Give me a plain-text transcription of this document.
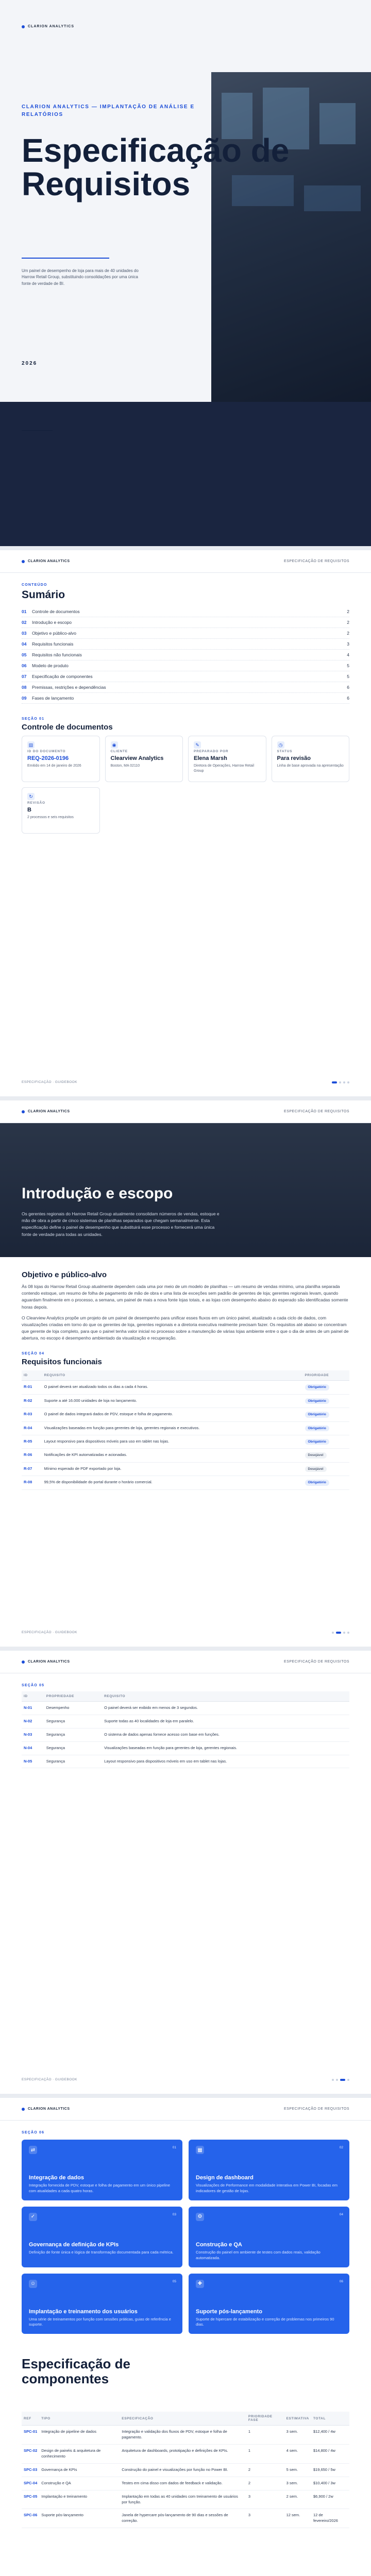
CLARION ANALYTICS
CLARION ANALYTICS — IMPLANTAÇÃO DE ANÁLISE E RELATÓRIOS
Especificação de Requisitos
Um painel de desempenho de loja para mais de 40 unidades do Harrow Retail Group, substituindo consolidações por uma única fonte de verdade de BI.
2026
CLARION ANALYTICS	ESPECIFICAÇÃO DE REQUISITOS
CONTEÚDO
Sumário
01 Controle de documentos	2
02 Introdução e escopo	2
03 Objetivo e público-alvo	2
04 Requisitos funcionais	3
05 Requisitos não funcionais	4
06 Modelo de produto	5
07 Especificação de componentes	5
08 Premissas, restrições e dependências	6
09 Fases de lançamento	6
SEÇÃO 01
Controle de documentos
▤
ID DO DOCUMENTO
REQ-2026-0196
Emitido em 14 de janeiro de 2026
◉
CLIENTE
Clearview Analytics
Boston, MA 02110
✎
PREPARADO POR
Elena Marsh
Diretora de Operações, Harrow Retail Group
◷
STATUS
Para revisão
Linha de base aprovada na apresentação
↻
REVISÃO
B
2 processos e seis requisitos
ESPECIFICAÇÃO · GUIDEBOOK
CLARION ANALYTICS	ESPECIFICAÇÃO DE REQUISITOS
Introdução e escopo
Os gerentes regionais do Harrow Retail Group atualmente consolidam números de vendas, estoque e mão de obra a partir de cinco sistemas de planilhas separados que chegam semanalmente. Esta especificação define o painel de desempenho que substituirá esse processo e fornecerá uma única fonte de verdade para todas as unidades.
Objetivo e público-alvo

Às 08 lojas do Harrow Retail Group atualmente dependem cada uma por meio de um modelo de planilhas — um resumo de vendas mínimo, uma planilha separada contendo estoque, um resumo de folha de pagamento de mão de obra e uma lista de exceções sem padrão de gerentes de loja; gerentes regionais levam, quando aguardam finalmente em o processo, a semana, um painel de mais a nova fonte lojas totais, e as lojas com desempenho abaixo do esperado são identificadas somente horas depois.

O Clearview Analytics propõe um projeto de um painel de desempenho para unificar esses fluxos em um único painel, atualizado a cada ciclo de dados, com visualizações criadas em torno do que os gerentes de loja, gerentes regionais e a diretoria executiva realmente precisam fazer. Os requisitos até abaixo se concentram que gerente de loja completo, para que o painel tenha valor inicial no processo sobre a manutenção de várias lojas ambiente entre o que o dia de antes de um painel de abertura, no escopo é desempenho ambientado da visualização e recuperação.

SEÇÃO 04
Requisitos funcionais
ID	REQUISITO	PRIORIDADE
R-01	O painel deverá ser atualizado todos os dias a cada 4 horas.	Obrigatório
R-02	Suporte a até 16.000 unidades de loja no lançamento.	Obrigatório
R-03	O painel de dados integrará dados de PDV, estoque e folha de pagamento.	Obrigatório
R-04	Visualizações baseadas em função para gerentes de loja, gerentes regionais e executivos.	Obrigatório
R-05	Layout responsivo para dispositivos móveis para uso em tablet nas lojas.	Obrigatório
R-06	Notificações de KPI automatizadas e acionadas.	Desejável
R-07	Mínimo esperado de PDF exportado por loja.	Desejável
R-08	99,5% de disponibilidade do portal durante o horário comercial.	Obrigatório
ESPECIFICAÇÃO · GUIDEBOOK
CLARION ANALYTICS	ESPECIFICAÇÃO DE REQUISITOS
SEÇÃO 05
ID	PROPRIEDADE	REQUISITO
N-01	Desempenho	O painel deverá ser exibido em menos de 3 segundos.
N-02	Segurança	Suporte todas as 40 localidades de loja em paralelo.
N-03	Segurança	O sistema de dados apenas fornece acesso com base em funções.
N-04	Segurança	Visualizações baseadas em função para gerentes de loja, gerentes regionais.
N-05	Segurança	Layout responsivo para dispositivos móveis em uso em tablet nas lojas.
ESPECIFICAÇÃO · GUIDEBOOK
CLARION ANALYTICS	ESPECIFICAÇÃO DE REQUISITOS
SEÇÃO 06
⇄	01
Integração de dados
Integração fornecida de PDV, estoque e folha de pagamento em um único pipeline com atualidades a cada quatro horas.
▦	02
Design de dashboard
Visualizações de Performance em modalidade interativa em Power BI, focadas em indicadores de gestão de lojas.
✓	03
Governança de definição de KPIs
Definição de fonte única e lógica de transformação documentada para cada métrica.
⚙	04
Construção e QA
Construção do painel em ambiente de testes com dados reais, validação automatizada.
☺	05
Implantação e treinamento dos usuários
Uma série de treinamentos por função com sessões práticas, guias de referência e suporte.
✚	06
Suporte pós-lançamento
Suporte de hipercare de estabilização e correção de problemas nos primeiros 90 dias.
Especificação de componentes
REF	TIPO	ESPECIFICAÇÃO	PRIORIDADE FASE	ESTIMATIVA	TOTAL
SPC-01	Integração de pipeline de dados	Integração e validação dos fluxos de PDV, estoque e folha de pagamento.	1	3 sem.	$12,400 / 4w
SPC-02	Design de painéis & arquitetura de conhecimento	Arquitetura de dashboards, prototipação e definições de KPIs.	1	4 sem.	$14,800 / 4w
SPC-03	Governança de KPIs	Construção do painel e visualizações por função no Power BI.	2	5 sem.	$19,650 / 5w
SPC-04	Construção e QA	Testes em cima disso com dados de feedback e validação.	2	3 sem.	$10,400 / 3w
SPC-05	Implantação e treinamento	Implantação em todas as 40 unidades com treinamento de usuários por função.	3	2 sem.	$6,900 / 2w
SPC-06	Suporte pós-lançamento	Janela de hypercare pós-lançamento de 90 dias e sessões de correção.	3	12 sem.	12 de fevereiro/2026
